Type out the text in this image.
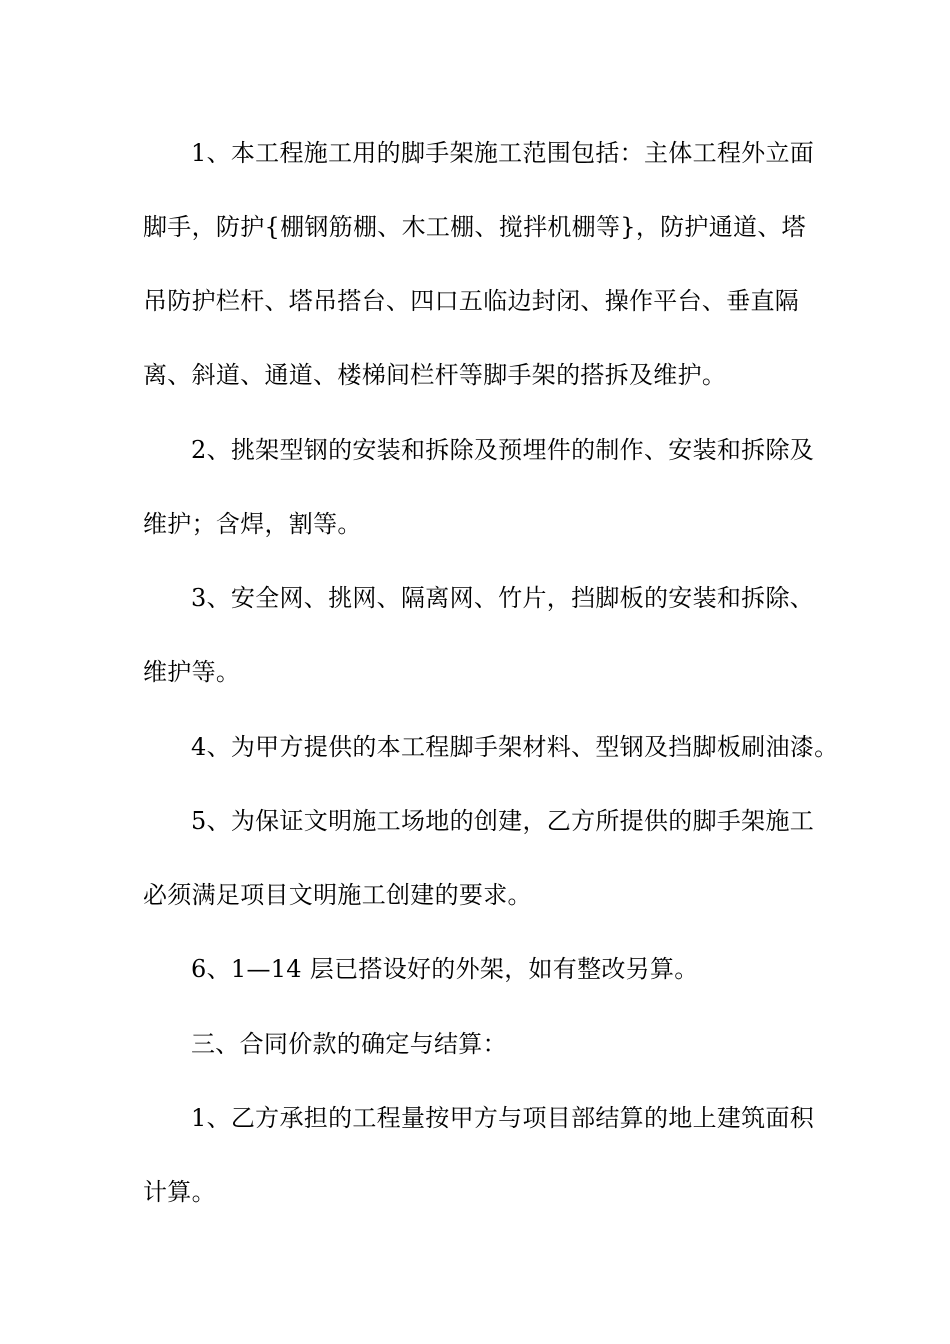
1、本工程施工用的脚手架施工范围包括：主体工程外立面
脚手，防护{棚钢筋棚、木工棚、搅拌机棚等}，防护通道、塔
吊防护栏杆、塔吊搭台、四口五临边封闭、操作平台、垂直隔
离、斜道、通道、楼梯间栏杆等脚手架的搭拆及维护。
2、挑架型钢的安装和拆除及预埋件的制作、安装和拆除及
维护；含焊，割等。
3、安全网、挑网、隔离网、竹片，挡脚板的安装和拆除、
维护等。
4、为甲方提供的本工程脚手架材料、型钢及挡脚板刷油漆。
5、为保证文明施工场地的创建，乙方所提供的脚手架施工
必须满足项目文明施工创建的要求。
6、1—14 层已搭设好的外架，如有整改另算。
三、合同价款的确定与结算：
1、乙方承担的工程量按甲方与项目部结算的地上建筑面积
计算。
